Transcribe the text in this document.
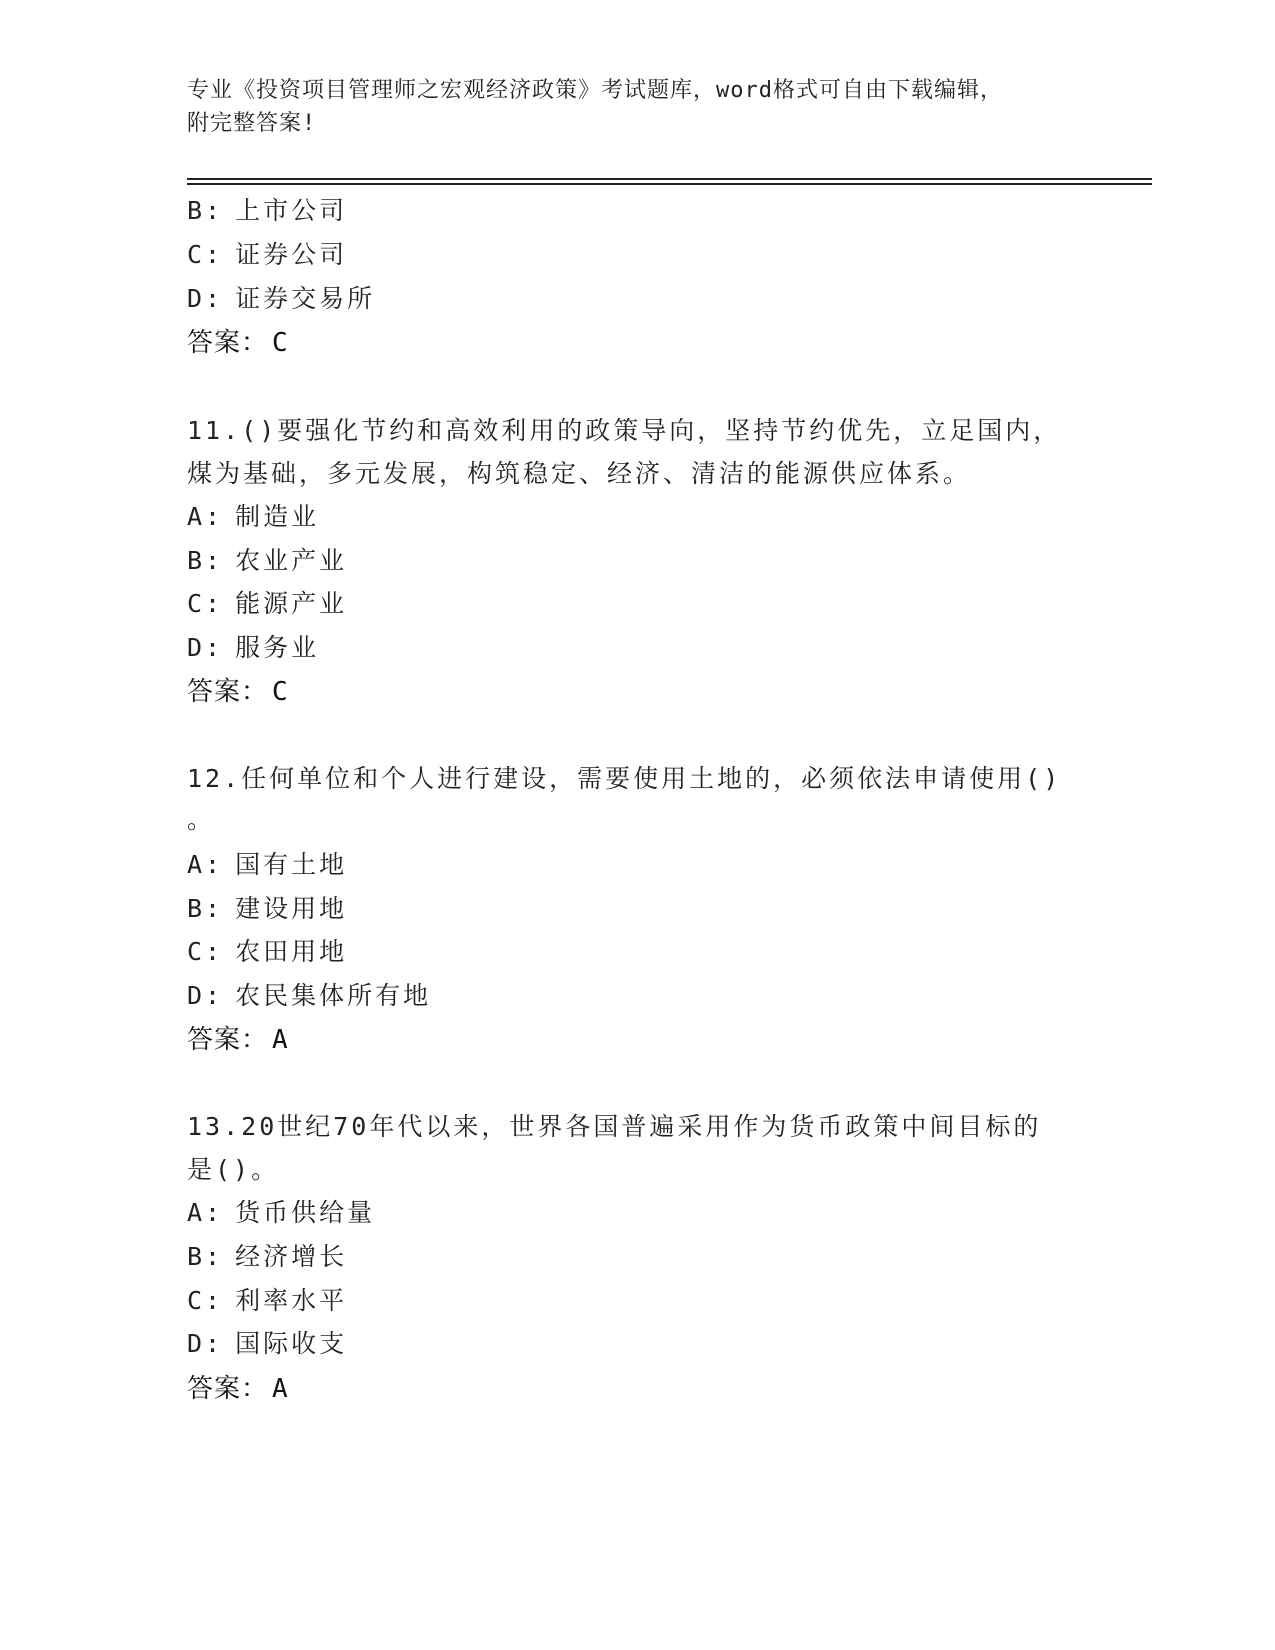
专业《投资项目管理师之宏观经济政策》考试题库，word格式可自由下载编辑，
附完整答案!
B: 上市公司
C: 证券公司
D: 证券交易所
答案： C
11.()要强化节约和高效利用的政策导向，坚持节约优先，立足国内，
煤为基础，多元发展，构筑稳定、经济、清洁的能源供应体系。
A: 制造业
B: 农业产业
C: 能源产业
D: 服务业
答案： C
12.任何单位和个人进行建设，需要使用土地的，必须依法申请使用()
。
A: 国有土地
B: 建设用地
C: 农田用地
D: 农民集体所有地
答案： A
13.20世纪70年代以来，世界各国普遍采用作为货币政策中间目标的
是()。
A: 货币供给量
B: 经济增长
C: 利率水平
D: 国际收支
答案： A
